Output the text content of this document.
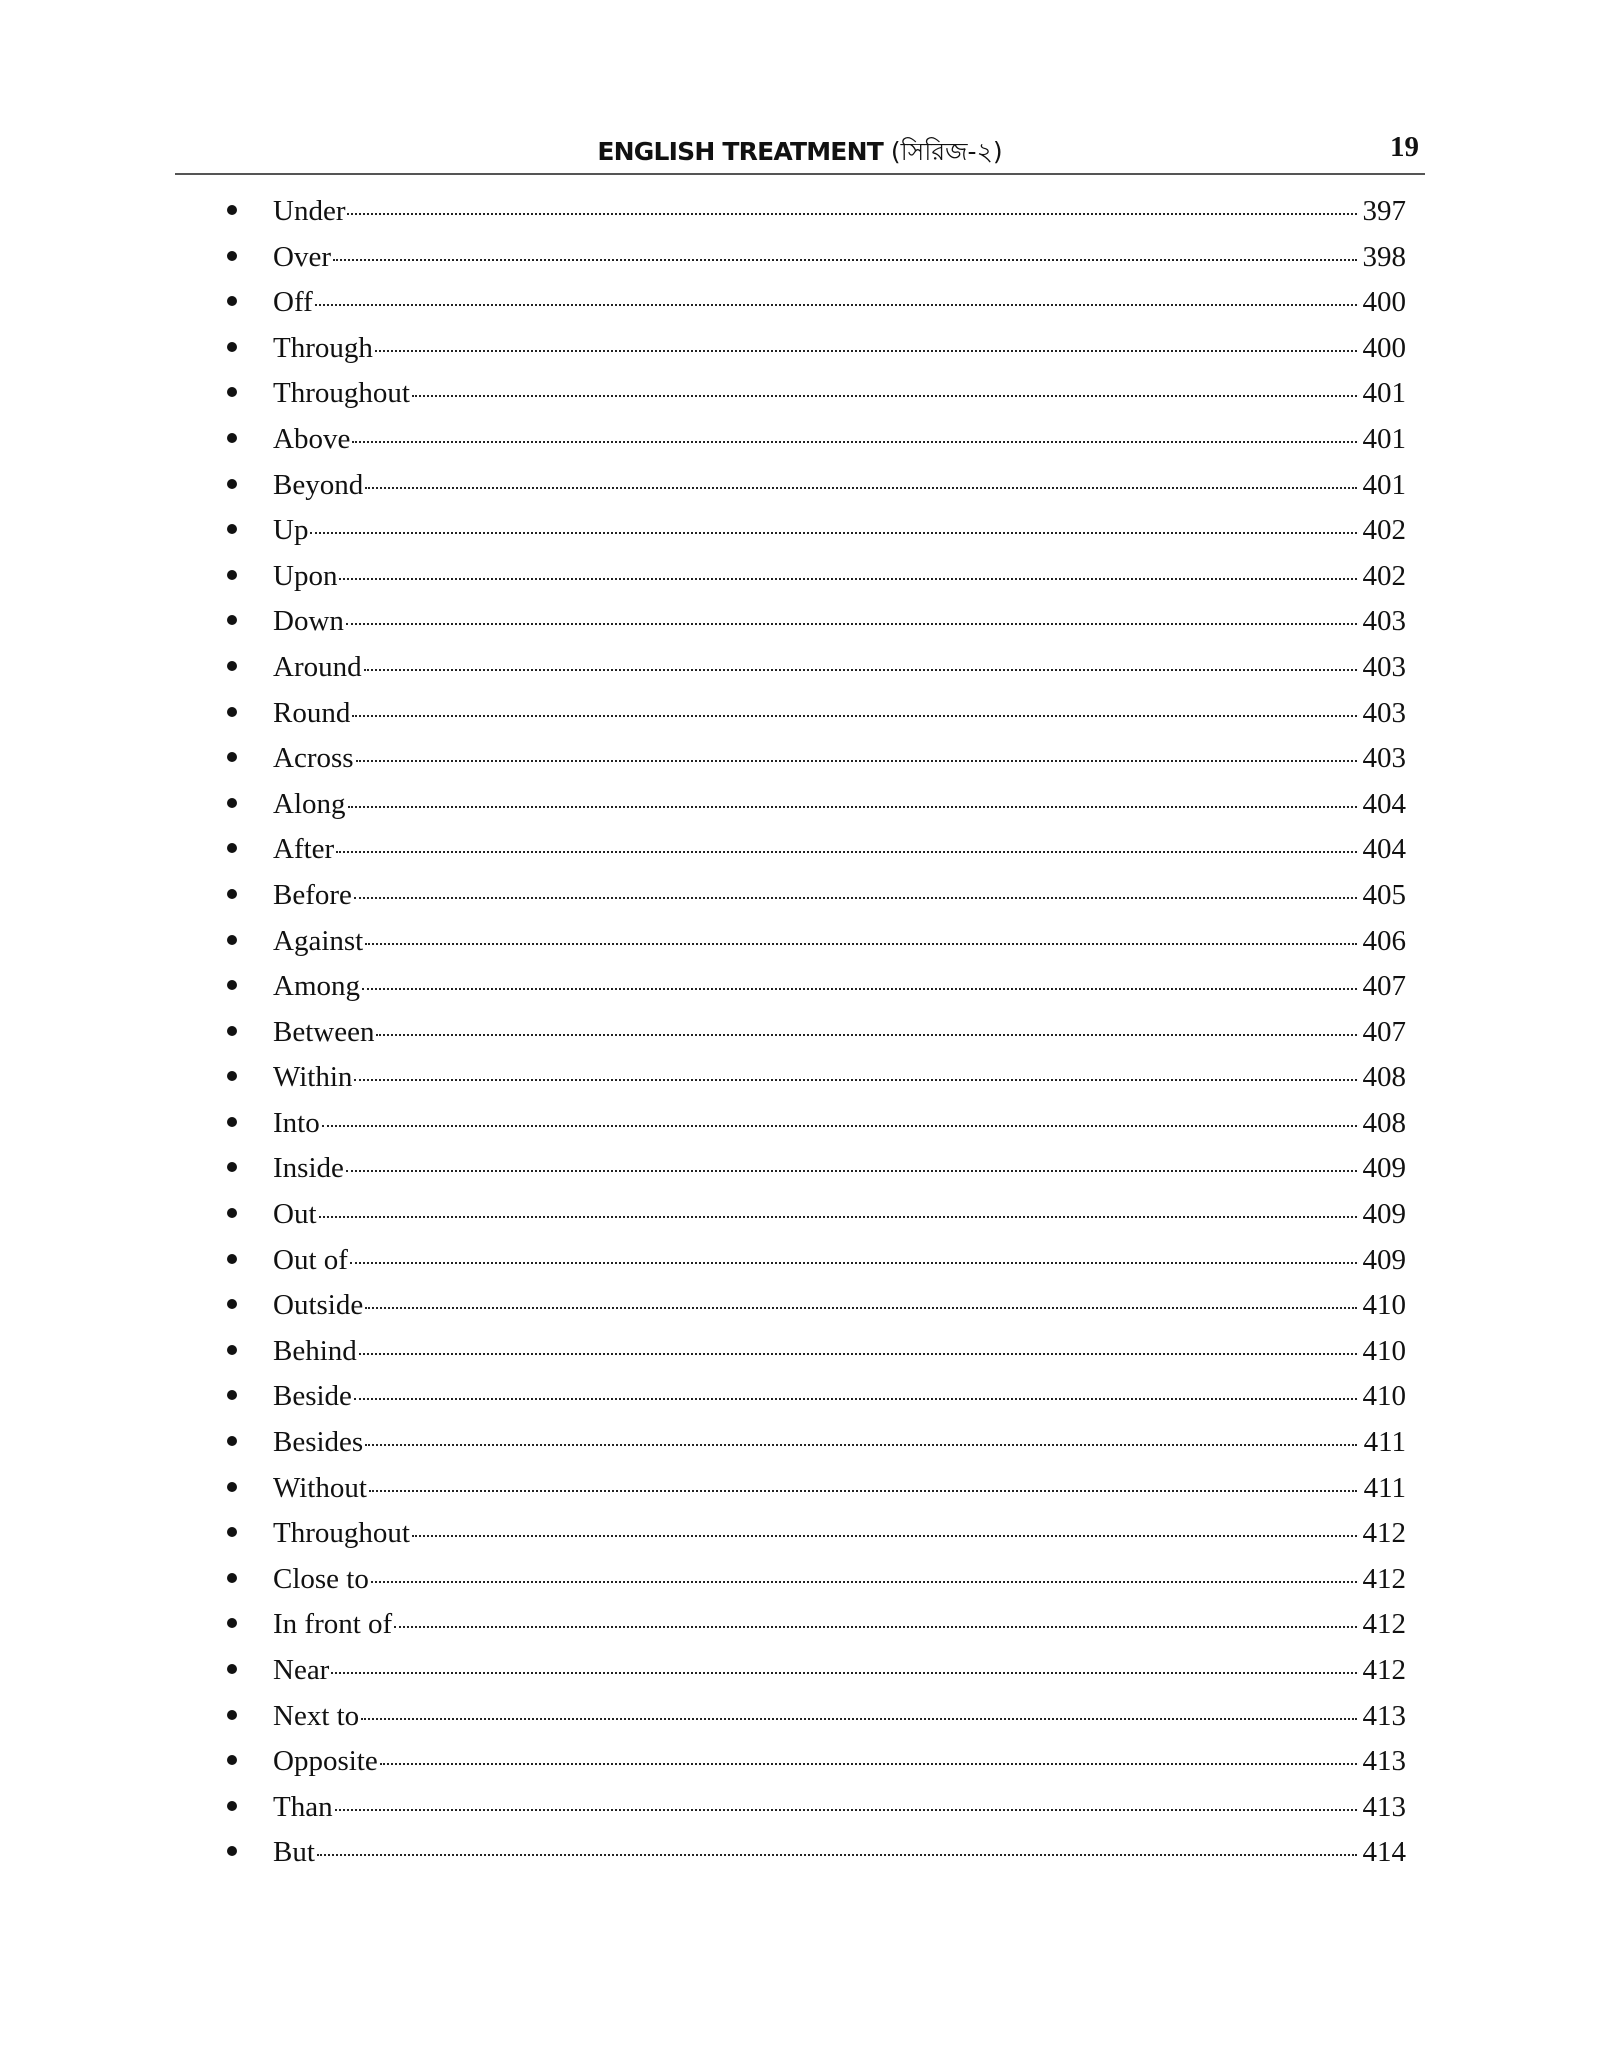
ENGLISH TREATMENT (সিরিজ-২)	19
Under	397
Over	398
Off	400
Through	400
Throughout	401
Above	401
Beyond	401
Up	402
Upon	402
Down	403
Around	403
Round	403
Across	403
Along	404
After	404
Before	405
Against	406
Among	407
Between	407
Within	408
Into	408
Inside	409
Out	409
Out of	409
Outside	410
Behind	410
Beside	410
Besides	411
Without	411
Throughout	412
Close to	412
In front of	412
Near	412
Next to	413
Opposite	413
Than	413
But	414
